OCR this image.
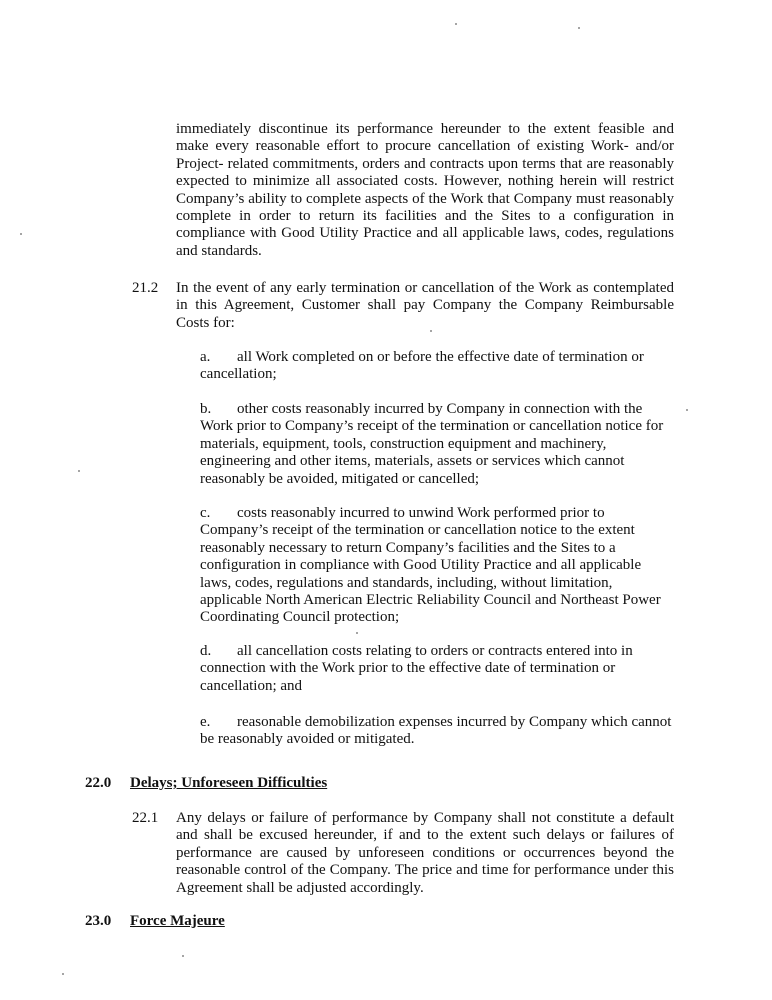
immediately discontinue its performance hereunder to the extent feasible and make every reasonable effort to procure cancellation of existing Work- and/or Project- related commitments, orders and contracts upon terms that are reasonably expected to minimize all associated costs. However, nothing herein will restrict Company’s ability to complete aspects of the Work that Company must reasonably complete in order to return its facilities and the Sites to a configuration in compliance with Good Utility Practice and all applicable laws, codes, regulations and standards.
21.2 In the event of any early termination or cancellation of the Work as contemplated in this Agreement, Customer shall pay Company the Company Reimbursable Costs for:
a. all Work completed on or before the effective date of termination or cancellation;
b. other costs reasonably incurred by Company in connection with the Work prior to Company’s receipt of the termination or cancellation notice for materials, equipment, tools, construction equipment and machinery, engineering and other items, materials, assets or services which cannot reasonably be avoided, mitigated or cancelled;
c. costs reasonably incurred to unwind Work performed prior to Company’s receipt of the termination or cancellation notice to the extent reasonably necessary to return Company’s facilities and the Sites to a configuration in compliance with Good Utility Practice and all applicable laws, codes, regulations and standards, including, without limitation, applicable North American Electric Reliability Council and Northeast Power Coordinating Council protection;
d. all cancellation costs relating to orders or contracts entered into in connection with the Work prior to the effective date of termination or cancellation; and
e. reasonable demobilization expenses incurred by Company which cannot be reasonably avoided or mitigated.
22.0 Delays; Unforeseen Difficulties
22.1 Any delays or failure of performance by Company shall not constitute a default and shall be excused hereunder, if and to the extent such delays or failures of performance are caused by unforeseen conditions or occurrences beyond the reasonable control of the Company. The price and time for performance under this Agreement shall be adjusted accordingly.
23.0 Force Majeure
